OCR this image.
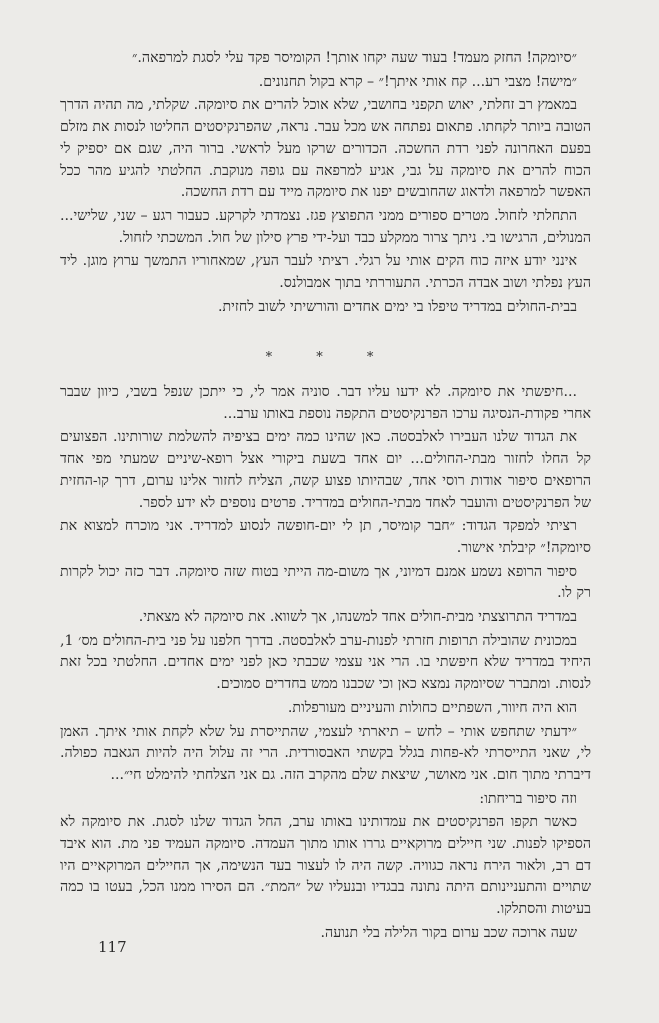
״סיומקה! החזק מעמד! בעוד שעה יקחו אותך! הקומיסר פקד עלי לסגת למרפאה.״

״מישה! מצבי רע... קח אותי איתך!״ – קרא בקול תחנונים.

במאמץ רב זחלתי, יאוש תקפני בחושבי, שלא אוכל להרים את סיומקה. שקלתי, מה תהיה הדרך הטובה ביותר לקחתו. פתאום נפתחה אש מכל עבר. נראה, שהפרנקיסטים החליטו לנסות את מזלם בפעם האחרונה לפני רדת החשכה. הכדורים שרקו מעל לראשי. ברור היה, שגם אם יספיק לי הכוח להרים את סיומקה על גבי, אגיע למרפאה עם גופה מנוקבת. החלטתי להגיע מהר ככל האפשר למרפאה ולדאוג שהחובשים יפנו את סיומקה מייד עם רדת החשכה.

התחלתי לזחול. מטרים ספורים ממני התפוצץ פגז. נצמדתי לקרקע. כעבור רגע – שני, שלישי... המנולים, הרגישו בי. ניתך צרור ממקלע כבד ועל-ידי פרץ סילון של חול. המשכתי לזחול.

אינני יודע איזה כוח הקים אותי על רגלי. רציתי לעבר העץ, שמאחוריו התמשך ערוץ מוגן. ליד העץ נפלתי ושוב אבדה הכרתי. התעוררתי בתוך אמבולנס.

בבית-החולים במדריד טיפלו בי ימים אחדים והורשיתי לשוב לחזית.

* * *

...חיפשתי את סיומקה. לא ידעו עליו דבר. סוניה אמר לי, כי ייתכן שנפל בשבי, כיוון שבבר אחרי פקודת-הנסיגה ערכו הפרנקיסטים התקפה נוספת באותו ערב...

את הגדוד שלנו העבירו לאלבסטה. כאן שהינו כמה ימים בציפיה להשלמת שורותינו. הפצועים קל החלו לחזור מבתי-החולים... יום אחד בשעת ביקורי אצל רופא-שיניים שמעתי מפי אחד הרופאים סיפור אודות רוסי אחד, שבהיותו פצוע קשה, הצליח לחזור אלינו ערום, דרך קו-החזית של הפרנקיסטים והועבר לאחד מבתי-החולים במדריד. פרטים נוספים לא ידע לספר.

רציתי למפקד הגדוד: ״חבר קומיסר, תן לי יום-חופשה לנסוע למדריד. אני מוכרח למצוא את סיומקה!״ קיבלתי אישור.

סיפור הרופא נשמע אמנם דמיוני, אך משום-מה הייתי בטוח שזה סיומקה. דבר כזה יכול לקרות רק לו.

במדריד התרוצצתי מבית-חולים אחד למשנהו, אך לשווא. את סיומקה לא מצאתי.

במכונית שהובילה תרופות חזרתי לפנות-ערב לאלבסטה. בדרך חלפנו על פני בית-החולים מס׳ 1, היחיד במדריד שלא חיפשתי בו. הרי אני עצמי שכבתי כאן לפני ימים אחדים. החלטתי בכל זאת לנסות. ומתברר שסיומקה נמצא כאן וכי שכבנו ממש בחדרים סמוכים.

הוא היה חיוור, השפתיים כחולות והעיניים מעורפלות.

״ידעתי שתחפש אותי – לחש – תיארתי לעצמי, שהתייסרת על שלא לקחת אותי איתך. האמן לי, שאני התייסרתי לא-פחות בגלל בקשתי האבסורדית. הרי זה עלול היה להיות הגאבה כפולה. דיברתי מתוך חום. אני מאושר, שיצאת שלם מהקרב הזה. גם אני הצלחתי להימלט חי״...

וזה סיפור בריחתו:

כאשר תקפו הפרנקיסטים את עמדותינו באותו ערב, החל הגדוד שלנו לסגת. את סיומקה לא הספיקו לפנות. שני חיילים מרוקאיים גררו אותו מתוך העמדה. סיומקה העמיד פני מת. הוא איבד דם רב, ולאור הירח נראה כגוויה. קשה היה לו לעצור בעד הנשימה, אך החיילים המרוקאיים היו שתויים והתעניינותם היתה נתונה בבגדיו ובנעליו של ״המת״. הם הסירו ממנו הכל, בעטו בו כמה בעיטות והסתלקו.

שעה ארוכה שכב ערום בקור הלילה בלי תנועה.

117
